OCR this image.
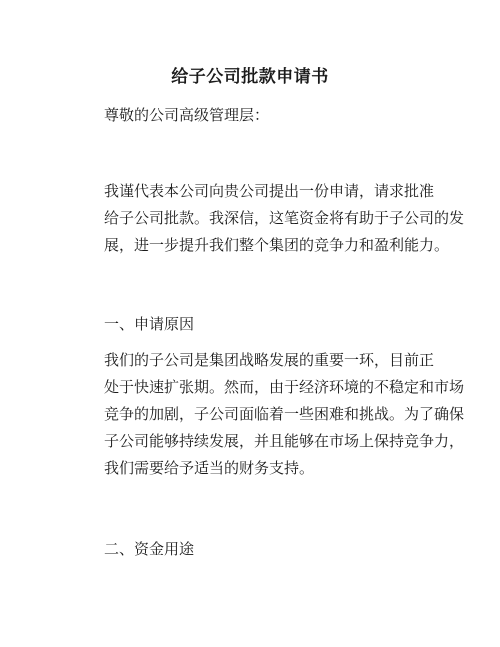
给子公司批款申请书
尊敬的公司高级管理层：
我谨代表本公司向贵公司提出一份申请，请求批准
给子公司批款。我深信，这笔资金将有助于子公司的发
展，进一步提升我们整个集团的竞争力和盈利能力。
一、申请原因
我们的子公司是集团战略发展的重要一环，目前正
处于快速扩张期。然而，由于经济环境的不稳定和市场
竞争的加剧，子公司面临着一些困难和挑战。为了确保
子公司能够持续发展，并且能够在市场上保持竞争力，
我们需要给予适当的财务支持。
二、资金用途
